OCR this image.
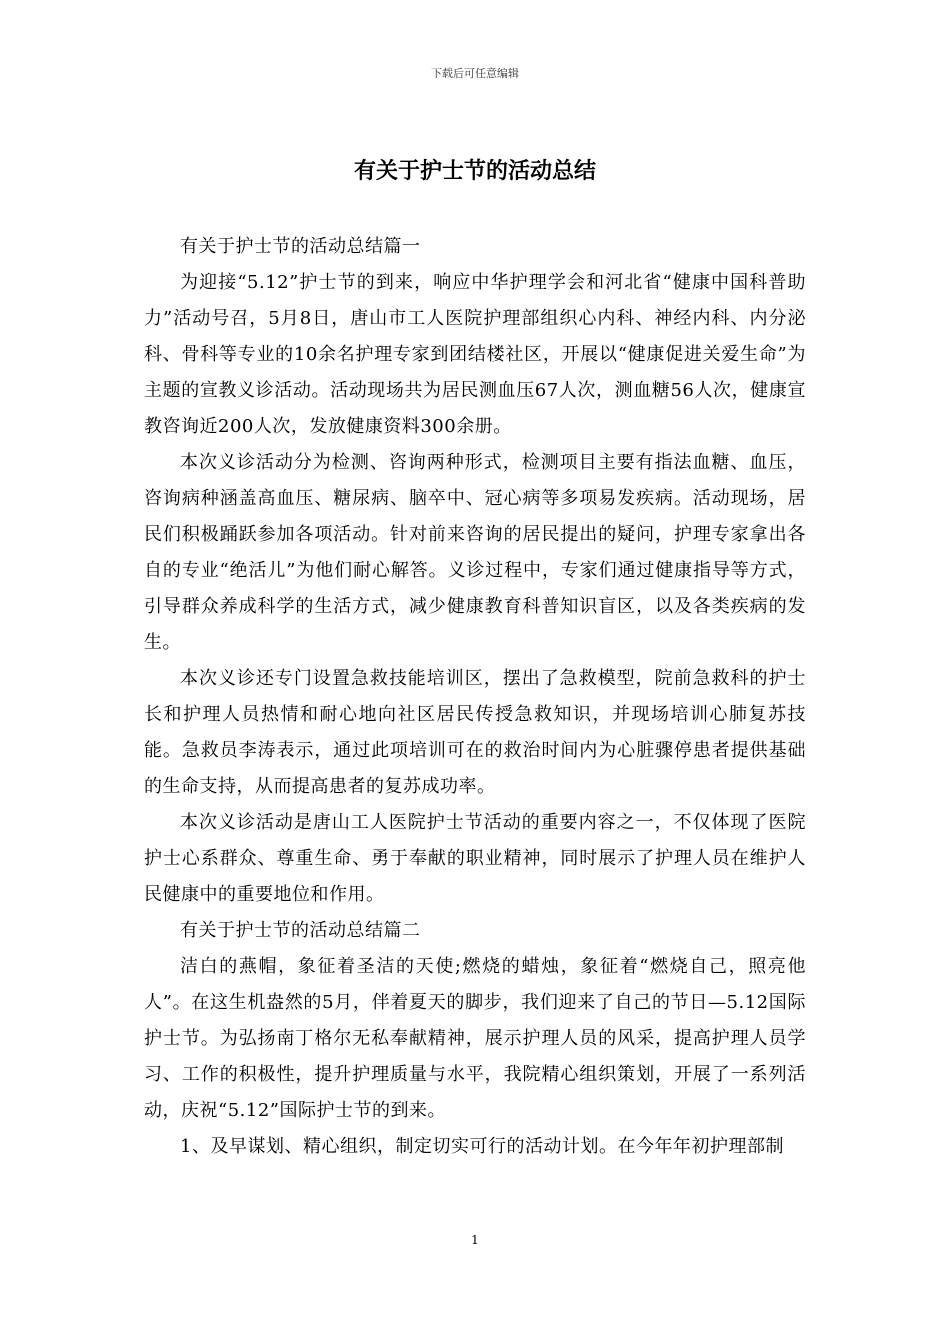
下载后可任意编辑
有关于护士节的活动总结

有关于护士节的活动总结篇一

为迎接“5.12”护士节的到来，响应中华护理学会和河北省“健康中国科普助力”活动号召，5月8日，唐山市工人医院护理部组织心内科、神经内科、内分泌科、骨科等专业的10余名护理专家到团结楼社区，开展以“健康促进关爱生命”为主题的宣教义诊活动。活动现场共为居民测血压67人次，测血糖56人次，健康宣教咨询近200人次，发放健康资料300余册。

本次义诊活动分为检测、咨询两种形式，检测项目主要有指法血糖、血压，咨询病种涵盖高血压、糖尿病、脑卒中、冠心病等多项易发疾病。活动现场，居民们积极踊跃参加各项活动。针对前来咨询的居民提出的疑问，护理专家拿出各自的专业“绝活儿”为他们耐心解答。义诊过程中，专家们通过健康指导等方式，引导群众养成科学的生活方式，减少健康教育科普知识盲区，以及各类疾病的发生。

本次义诊还专门设置急救技能培训区，摆出了急救模型，院前急救科的护士长和护理人员热情和耐心地向社区居民传授急救知识，并现场培训心肺复苏技能。急救员李涛表示，通过此项培训可在的救治时间内为心脏骤停患者提供基础的生命支持，从而提高患者的复苏成功率。

本次义诊活动是唐山工人医院护士节活动的重要内容之一，不仅体现了医院护士心系群众、尊重生命、勇于奉献的职业精神，同时展示了护理人员在维护人民健康中的重要地位和作用。

有关于护士节的活动总结篇二

洁白的燕帽，象征着圣洁的天使;燃烧的蜡烛，象征着“燃烧自己，照亮他人”。在这生机盎然的5月，伴着夏天的脚步，我们迎来了自己的节日—5.12国际护士节。为弘扬南丁格尔无私奉献精神，展示护理人员的风采，提高护理人员学习、工作的积极性，提升护理质量与水平，我院精心组织策划，开展了一系列活动，庆祝“5.12”国际护士节的到来。

1、及早谋划、精心组织，制定切实可行的活动计划。在今年年初护理部制

1
